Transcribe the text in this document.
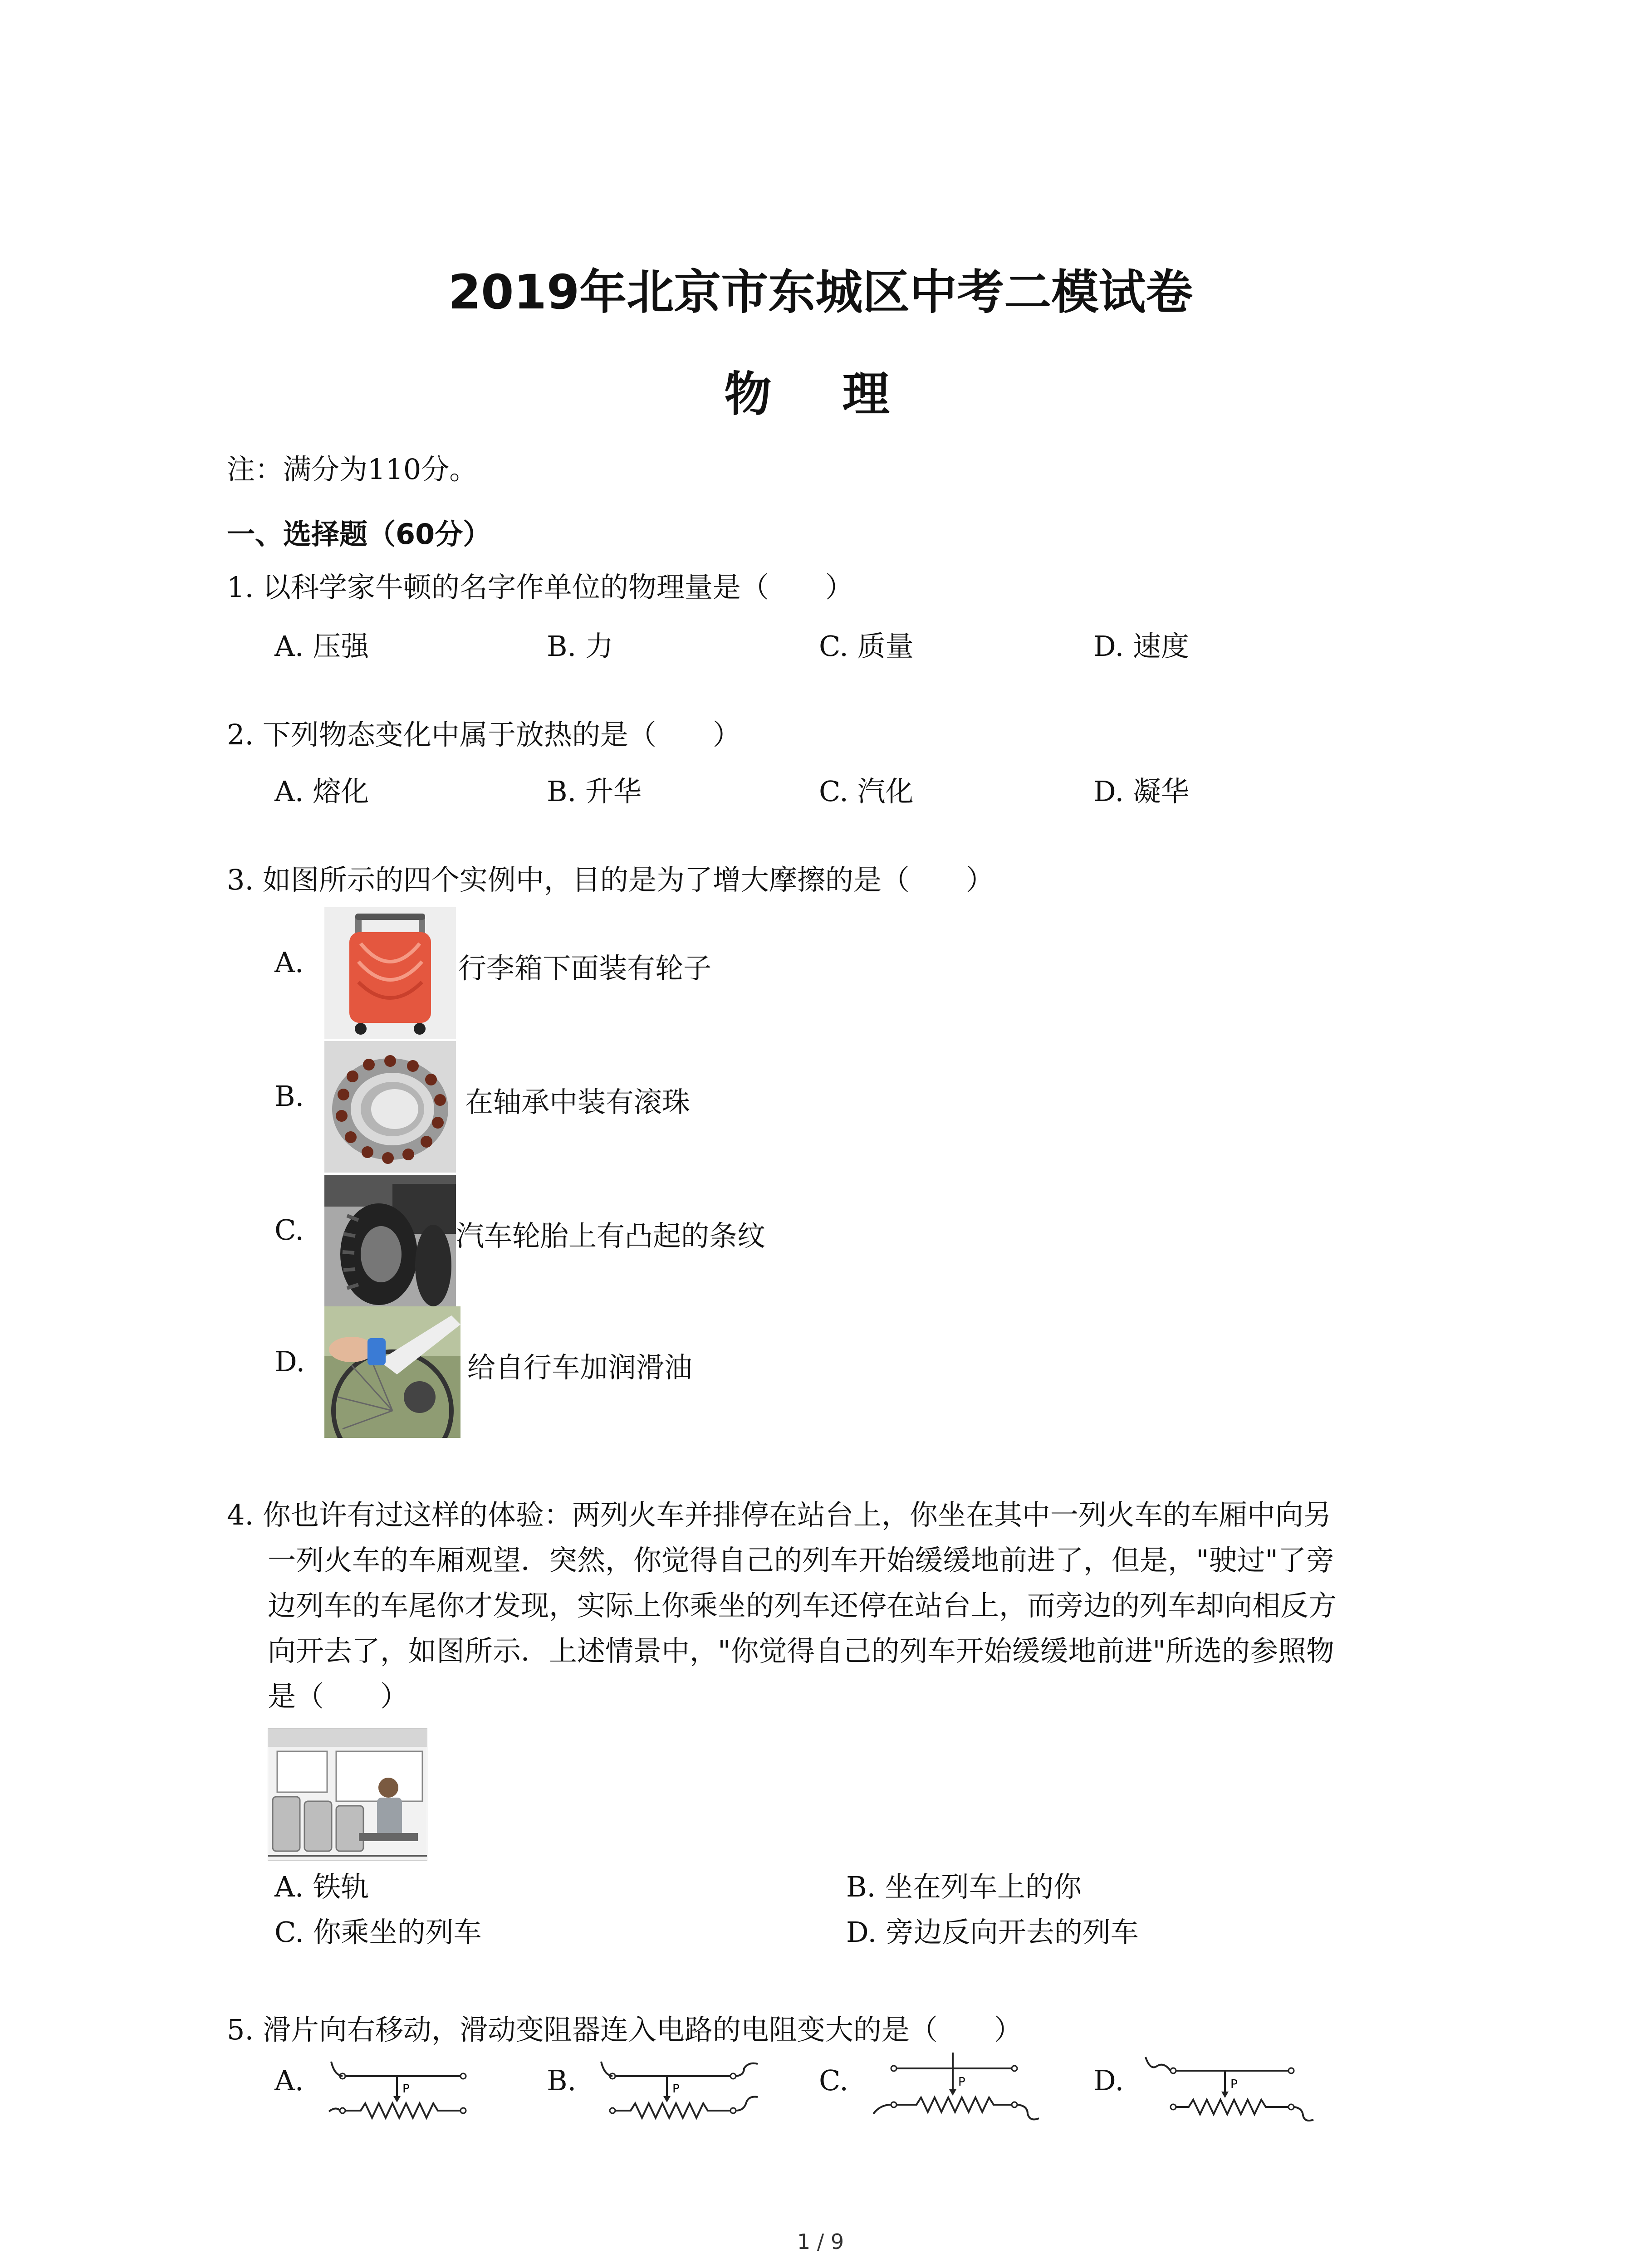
2019年北京市东城区中考二模试卷
物 理
注：满分为110分。
一、选择题（60分）
1. 以科学家牛顿的名字作单位的物理量是（　　）
A. 压强	B. 力	C. 质量	D. 速度
2. 下列物态变化中属于放热的是（　　）
A. 熔化	B. 升华	C. 汽化	D. 凝华
3. 如图所示的四个实例中，目的是为了增大摩擦的是（　　）
A.	行李箱下面装有轮子
B.	在轴承中装有滚珠
C.	汽车轮胎上有凸起的条纹
D.	给自行车加润滑油
4. 你也许有过这样的体验：两列火车并排停在站台上，你坐在其中一列火车的车厢中向另
一列火车的车厢观望．突然，你觉得自己的列车开始缓缓地前进了，但是，"驶过"了旁
边列车的车尾你才发现，实际上你乘坐的列车还停在站台上，而旁边的列车却向相反方
向开去了，如图所示．上述情景中，"你觉得自己的列车开始缓缓地前进"所选的参照物
是（　　）
A. 铁轨	B. 坐在列车上的你
C. 你乘坐的列车	D. 旁边反向开去的列车
5. 滑片向右移动，滑动变阻器连入电路的电阻变大的是（　　）
A.	P	B.	P	C.	P	D.	P
1 / 9
